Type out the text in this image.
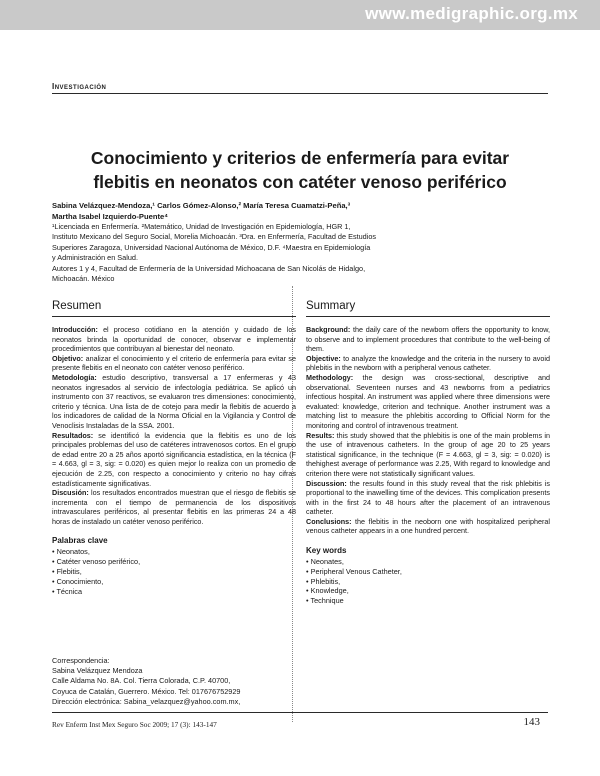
www.medigraphic.org.mx
Investigación
Conocimiento y criterios de enfermería para evitar
flebitis en neonatos con catéter venoso periférico
Sabina Velázquez-Mendoza,¹ Carlos Gómez-Alonso,² María Teresa Cuamatzi-Peña,³
Martha Isabel Izquierdo-Puente⁴
¹Licenciada en Enfermería. ²Matemático, Unidad de Investigación en Epidemiología, HGR 1,
Instituto Mexicano del Seguro Social, Morelia Michoacán. ³Dra. en Enfermería, Facultad de Estudios
Superiores Zaragoza, Universidad Nacional Autónoma de México, D.F. ⁴Maestra en Epidemiología
y Administración en Salud.
Autores 1 y 4, Facultad de Enfermería de la Universidad Michoacana de San Nicolás de Hidalgo,
Michoacán. México
Resumen

Introducción: el proceso cotidiano en la atención y cuidado de los neonatos brinda la oportunidad de conocer, observar e implementar procedimientos que contribuyan al bienestar del neonato.

Objetivo: analizar el conocimiento y el criterio de enfermería para evitar se presente flebitis en el neonato con catéter venoso periférico.

Metodología: estudio descriptivo, transversal a 17 enfermeras y 43 neonatos ingresados al servicio de infectología pediátrica. Se aplicó un instrumento con 37 reactivos, se evaluaron tres dimensiones: conocimiento, criterio y técnica. Una lista de de cotejo para medir la flebitis de acuerdo a los indicadores de calidad de la Norma Oficial en la Vigilancia y Control de Venoclisis Instaladas de la SSA. 2001.

Resultados: se identificó la evidencia que la flebitis es uno de los principales problemas del uso de catéteres intravenosos cortos. En el grupo de edad entre 20 a 25 años aportó significancia estadística, en la técnica (F = 4.663, gl = 3, sig: = 0.020) es quien mejor lo realiza con un promedio de ejecución de 2.25, con respecto a conocimiento y criterio no hay cifras estadísticamente significativas.

Discusión: los resultados encontrados muestran que el riesgo de flebitis se incrementa con el tiempo de permanencia de los dispositivos intravasculares periféricos, al presentar flebitis en las primeras 24 a 48 horas de instalado un catéter venoso periférico.

Palabras clave
• Neonatos,
• Catéter venoso periférico,
• Flebitis,
• Conocimiento,
• Técnica
Summary

Background: the daily care of the newborn offers the opportunity to know, to observe and to implement procedures that contribute to the well-being of them.

Objective: to analyze the knowledge and the criteria in the nursery to avoid phlebitis in the newborn with a peripheral venous catheter.

Methodology: the design was cross-sectional, descriptive and observational. Seventeen nurses and 43 newborns from a pediatrics infectious hospital. An instrument was applied where three dimensions were evaluated: knowledge, criterion and technique. Another instrument was a matching list to measure the phlebitis according to Official Norm for the monitoring and control of intravenous treatment.

Results: this study showed that the phlebitis is one of the main problems in the use of intravenous catheters. In the group of age 20 to 25 years statistical significance, in the technique (F = 4.663, gl = 3, sig: = 0.020) is thehighest average of performance was 2.25, With regard to knowledge and criterion there were not statistically significant values.

Discussion: the results found in this study reveal that the risk phlebitis is proportional to the inawelling time of the devices. This complication presents with in the first 24 to 48 hours after the placement of an intravenous catheter.

Conclusions: the flebitis in the neoborn one with hospitalized peripheral venous catheter appears in a one hundred percent.

Key words
• Neonates,
• Peripheral Venous Catheter,
• Phlebitis,
• Knowledge,
• Technique
Correspondencia:
Sabina Velázquez Mendoza
Calle Aldama No. 8A. Col. Tierra Colorada, C.P. 40700,
Coyuca de Catalán, Guerrero. México. Tel: 017676752929
Dirección electrónica: Sabina_velazquez@yahoo.com.mx,
Rev Enferm Inst Mex Seguro Soc 2009; 17 (3): 143-147	143
